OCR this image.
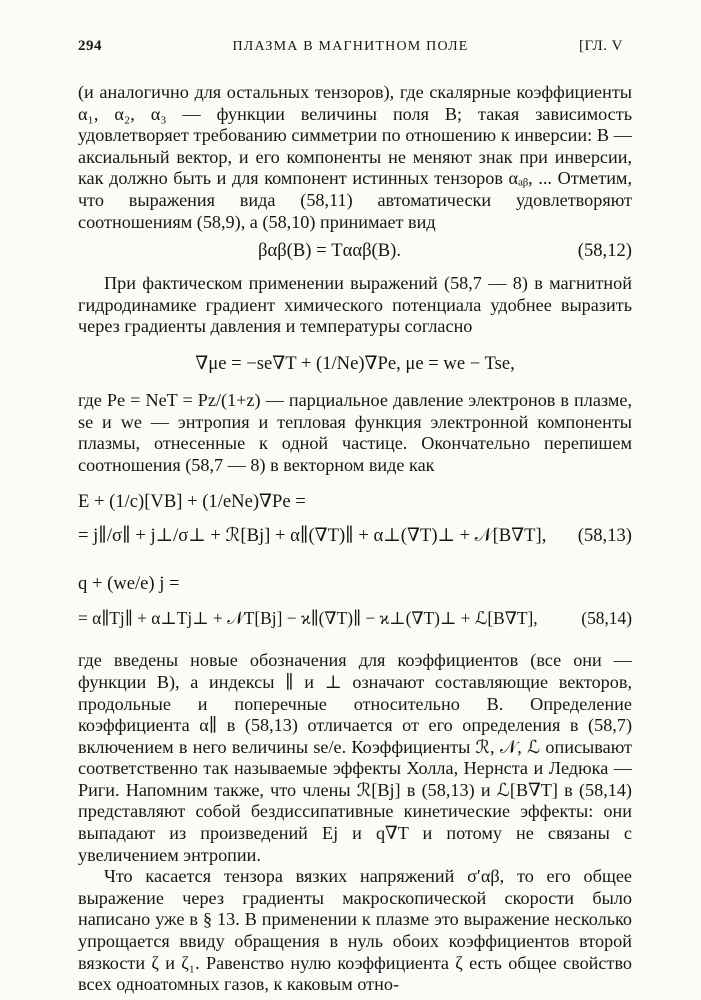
294	ПЛАЗМА В МАГНИТНОМ ПОЛЕ	[ГЛ. V

(и аналогично для остальных тензоров), где скалярные коэффициенты α₁, α₂, α₃ — функции величины поля B; такая зависимость удовлетворяет требованию симметрии по отношению к инверсии: B — аксиальный вектор, и его компоненты не меняют знак при инверсии, как должно быть и для компонент истинных тензоров αₐᵦ, ... Отметим, что выражения вида (58,11) автоматически удовлетворяют соотношениям (58,9), а (58,10) принимает вид

βαβ(B) = Tααβ(B).	(58,12)

При фактическом применении выражений (58,7 — 8) в магнитной гидродинамике градиент химического потенциала удобнее выразить через градиенты давления и температуры согласно

∇μe = −se∇T + (1/Ne)∇Pe, μe = we − Tse,

где Pe = NeT = Pz/(1+z) — парциальное давление электронов в плазме, se и we — энтропия и тепловая функция электронной компоненты плазмы, отнесенные к одной частице. Окончательно перепишем соотношения (58,7 — 8) в векторном виде как

E + (1/c)[VB] + (1/eNe)∇Pe =
= j∥/σ∥ + j⊥/σ⊥ + ℛ[Bj] + α∥(∇T)∥ + α⊥(∇T)⊥ + 𝒩[B∇T], (58,13)
q + (we/e) j =
= α∥Tj∥ + α⊥Tj⊥ + 𝒩T[Bj] − ϰ∥(∇T)∥ − ϰ⊥(∇T)⊥ + ℒ[B∇T],	(58,14)

где введены новые обозначения для коэффициентов (все они — функции B), а индексы ∥ и ⊥ означают составляющие векторов, продольные и поперечные относительно B. Определение коэффициента α∥ в (58,13) отличается от его определения в (58,7) включением в него величины se/e. Коэффициенты ℛ, 𝒩, ℒ описывают соответственно так называемые эффекты Холла, Нернста и Ледюка — Риги. Напомним также, что члены ℛ[Bj] в (58,13) и ℒ[B∇T] в (58,14) представляют собой бездиссипативные кинетические эффекты: они выпадают из произведений Ej и q∇T и потому не связаны с увеличением энтропии.

Что касается тензора вязких напряжений σ′αβ, то его общее выражение через градиенты макроскопической скорости было написано уже в § 13. В применении к плазме это выражение несколько упрощается ввиду обращения в нуль обоих коэффициентов второй вязкости ζ и ζ₁. Равенство нулю коэффициента ζ есть общее свойство всех одноатомных газов, к каковым отно-
